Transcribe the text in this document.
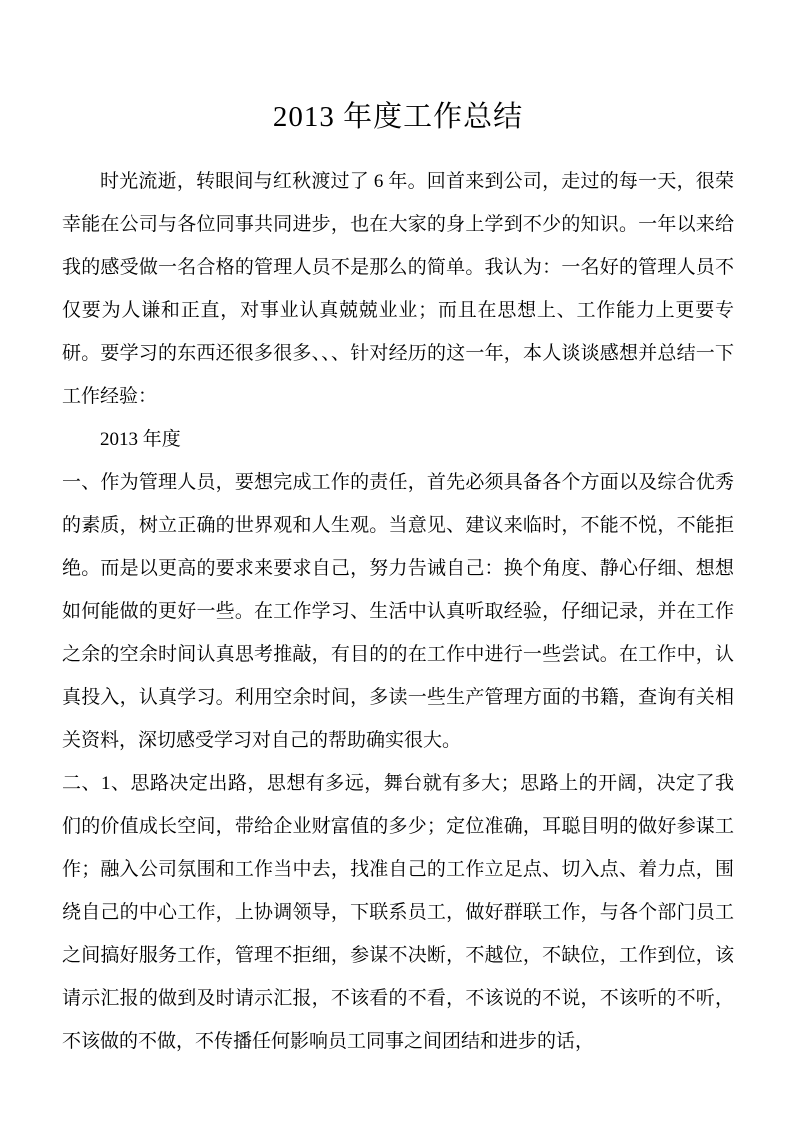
2013 年度工作总结

时光流逝，转眼间与红秋渡过了 6 年。回首来到公司，走过的每一天，很荣幸能在公司与各位同事共同进步，也在大家的身上学到不少的知识。一年以来给我的感受做一名合格的管理人员不是那么的简单。我认为：一名好的管理人员不仅要为人谦和正直，对事业认真兢兢业业；而且在思想上、工作能力上更要专研。要学习的东西还很多很多、、、针对经历的这一年，本人谈谈感想并总结一下工作经验：

2013 年度

一、作为管理人员，要想完成工作的责任，首先必须具备各个方面以及综合优秀的素质，树立正确的世界观和人生观。当意见、建议来临时，不能不悦，不能拒绝。而是以更高的要求来要求自己，努力告诫自己：换个角度、静心仔细、想想如何能做的更好一些。在工作学习、生活中认真听取经验，仔细记录，并在工作之余的空余时间认真思考推敲，有目的的在工作中进行一些尝试。在工作中，认真投入，认真学习。利用空余时间，多读一些生产管理方面的书籍，查询有关相关资料，深切感受学习对自己的帮助确实很大。

二、1、思路决定出路，思想有多远，舞台就有多大；思路上的开阔，决定了我们的价值成长空间，带给企业财富值的多少；定位准确，耳聪目明的做好参谋工作；融入公司氛围和工作当中去，找准自己的工作立足点、切入点、着力点，围绕自己的中心工作，上协调领导，下联系员工，做好群联工作，与各个部门员工之间搞好服务工作，管理不拒细，参谋不决断，不越位，不缺位，工作到位，该请示汇报的做到及时请示汇报，不该看的不看，不该说的不说，不该听的不听，不该做的不做，不传播任何影响员工同事之间团结和进步的话，
